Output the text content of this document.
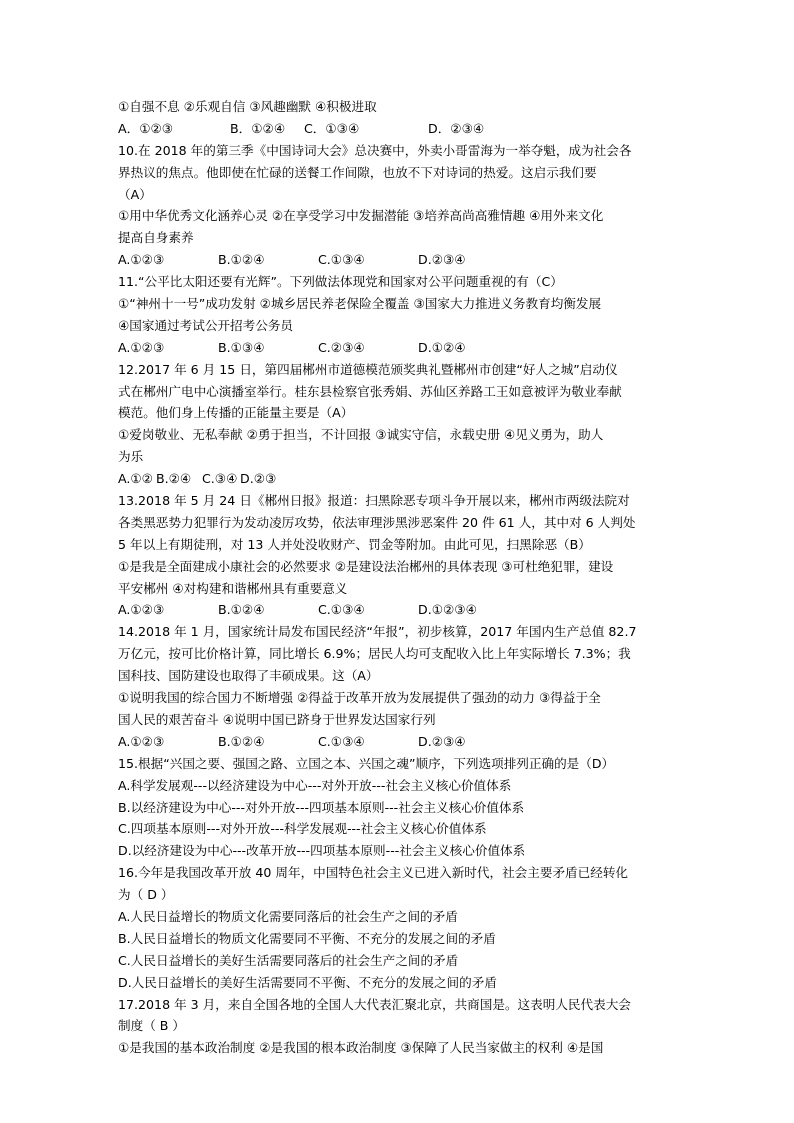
①自强不息 ②乐观自信 ③风趣幽默 ④积极进取
A．①②③	B．①②④ C．①③④	D．②③④
10.在 2018 年的第三季《中国诗词大会》总决赛中，外卖小哥雷海为一举夺魁，成为社会各
界热议的焦点。他即使在忙碌的送餐工作间隙，也放不下对诗词的热爱。这启示我们要
（A）
①用中华优秀文化涵养心灵 ②在享受学习中发掘潜能 ③培养高尚高雅情趣 ④用外来文化
提高自身素养
A.①②③	B.①②④	C.①③④	D.②③④
11.“公平比太阳还要有光辉”。下列做法体现党和国家对公平问题重视的有（C）
①“神州十一号”成功发射 ②城乡居民养老保险全覆盖 ③国家大力推进义务教育均衡发展
④国家通过考试公开招考公务员
A.①②③	B.①③④	C.②③④	D.①②④
12.2017 年 6 月 15 日，第四届郴州市道德模范颁奖典礼暨郴州市创建“好人之城”启动仪
式在郴州广电中心演播室举行。桂东县检察官张秀娟、苏仙区养路工王如意被评为敬业奉献
模范。他们身上传播的正能量主要是（A）
①爱岗敬业、无私奉献 ②勇于担当，不计回报 ③诚实守信，永载史册 ④见义勇为，助人
为乐
A.①② B.②④ C.③④ D.②③
13.2018 年 5 月 24 日《郴州日报》报道：扫黑除恶专项斗争开展以来，郴州市两级法院对
各类黑恶势力犯罪行为发动凌厉攻势，依法审理涉黑涉恶案件 20 件 61 人，其中对 6 人判处
5 年以上有期徒刑，对 13 人并处没收财产、罚金等附加。由此可见，扫黑除恶（B）
①是我是全面建成小康社会的必然要求 ②是建设法治郴州的具体表现 ③可杜绝犯罪，建设
平安郴州 ④对构建和谐郴州具有重要意义
A.①②③	B.①②④	C.①③④	D.①②③④
14.2018 年 1 月，国家统计局发布国民经济“年报”，初步核算，2017 年国内生产总值 82.7
万亿元，按可比价格计算，同比增长 6.9%；居民人均可支配收入比上年实际增长 7.3%；我
国科技、国防建设也取得了丰硕成果。这（A）
①说明我国的综合国力不断增强 ②得益于改革开放为发展提供了强劲的动力 ③得益于全
国人民的艰苦奋斗 ④说明中国已跻身于世界发达国家行列
A.①②③	B.①②④	C.①③④	D.②③④
15.根据“兴国之要、强国之路、立国之本、兴国之魂”顺序，下列选项排列正确的是（D）
A.科学发展观---以经济建设为中心---对外开放---社会主义核心价值体系
B.以经济建设为中心---对外开放---四项基本原则---社会主义核心价值体系
C.四项基本原则---对外开放---科学发展观---社会主义核心价值体系
D.以经济建设为中心---改革开放---四项基本原则---社会主义核心价值体系
16.今年是我国改革开放 40 周年，中国特色社会主义已进入新时代，社会主要矛盾已经转化
为（ D ）
A.人民日益增长的物质文化需要同落后的社会生产之间的矛盾
B.人民日益增长的物质文化需要同不平衡、不充分的发展之间的矛盾
C.人民日益增长的美好生活需要同落后的社会生产之间的矛盾
D.人民日益增长的美好生活需要同不平衡、不充分的发展之间的矛盾
17.2018 年 3 月，来自全国各地的全国人大代表汇聚北京，共商国是。这表明人民代表大会
制度（ B ）
①是我国的基本政治制度 ②是我国的根本政治制度 ③保障了人民当家做主的权利 ④是国
